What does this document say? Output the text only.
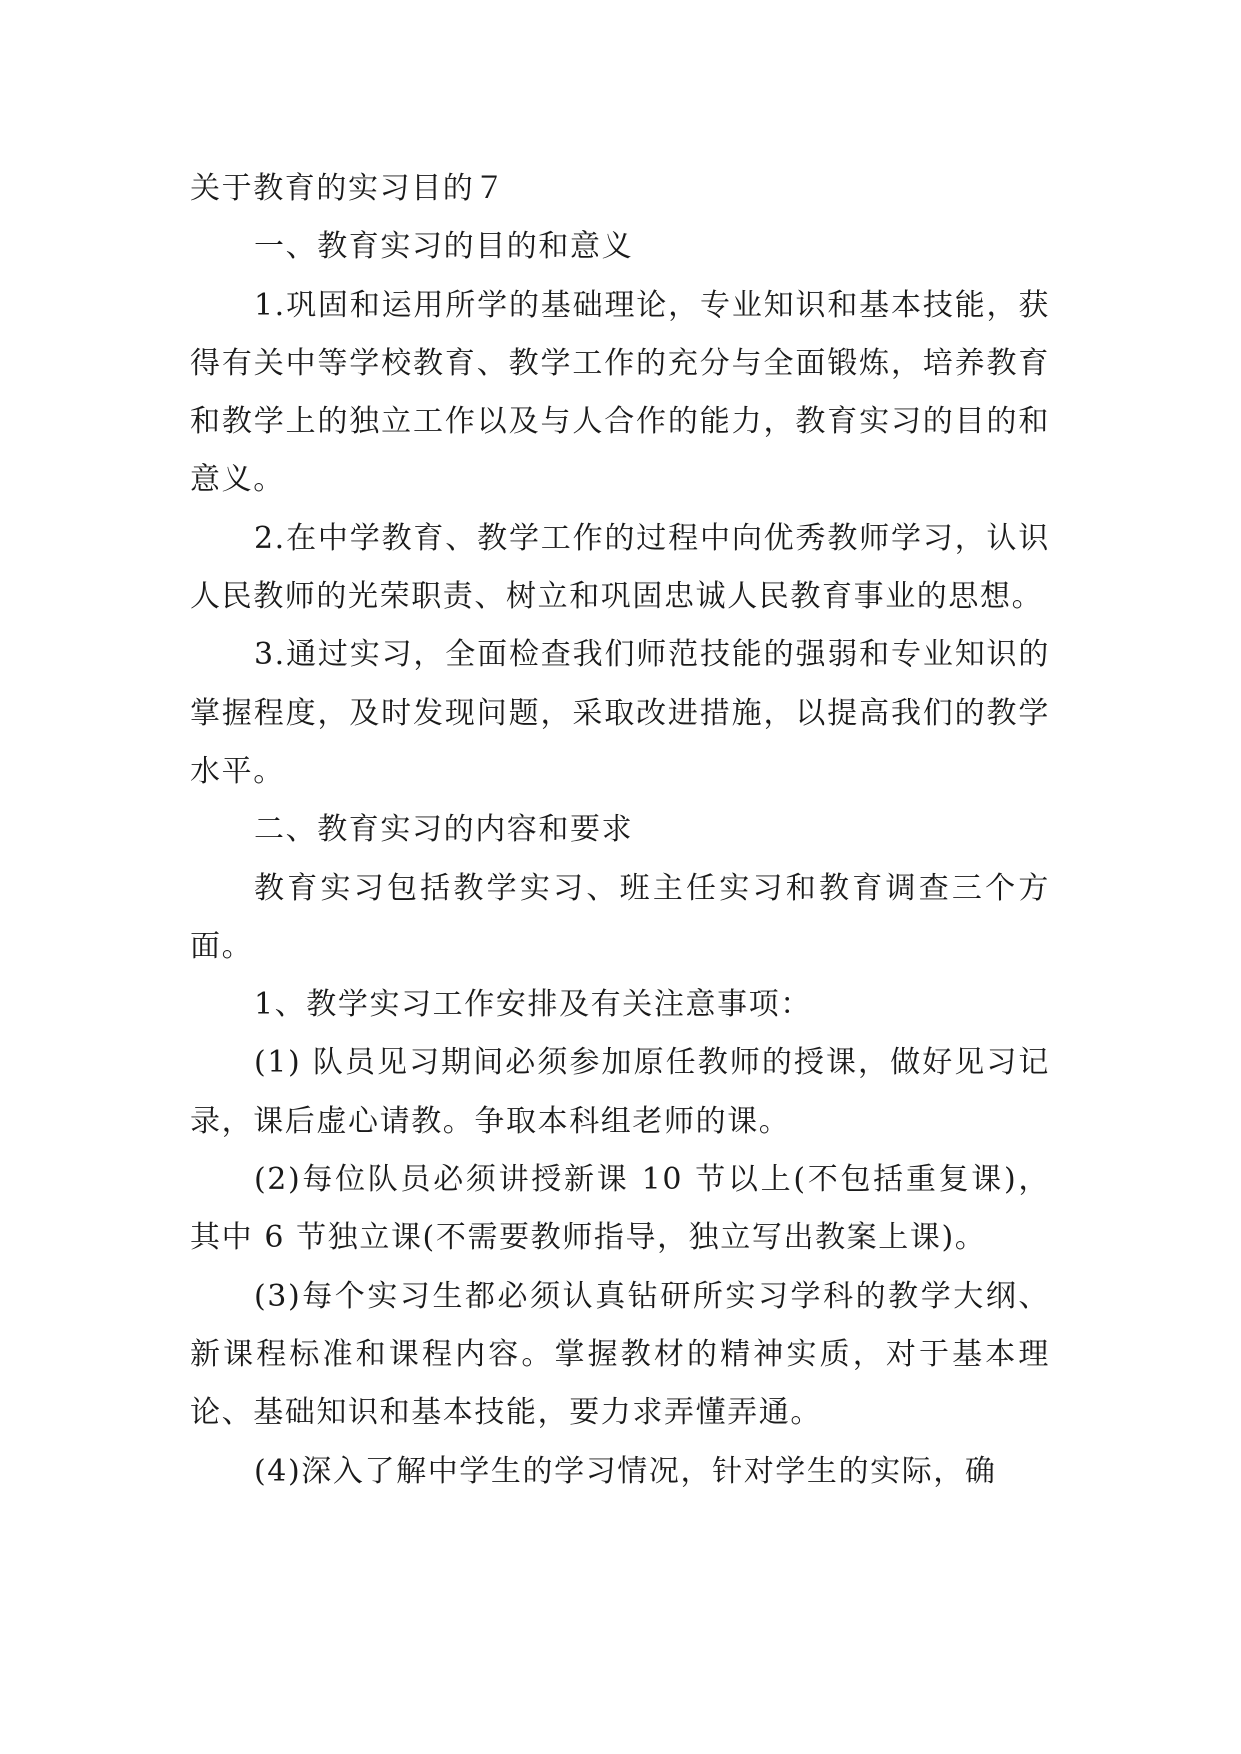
关于教育的实习目的７

一、教育实习的目的和意义

1.巩固和运用所学的基础理论，专业知识和基本技能，获得有关中等学校教育、教学工作的充分与全面锻炼，培养教育和教学上的独立工作以及与人合作的能力，教育实习的目的和意义。

2.在中学教育、教学工作的过程中向优秀教师学习，认识人民教师的光荣职责、树立和巩固忠诚人民教育事业的思想。

3.通过实习，全面检查我们师范技能的强弱和专业知识的掌握程度，及时发现问题，采取改进措施，以提高我们的教学水平。

二、教育实习的内容和要求

教育实习包括教学实习、班主任实习和教育调查三个方面。

1、教学实习工作安排及有关注意事项：

(1) 队员见习期间必须参加原任教师的授课，做好见习记录，课后虚心请教。争取本科组老师的课。

(2)每位队员必须讲授新课 10 节以上(不包括重复课)，其中 6 节独立课(不需要教师指导，独立写出教案上课)。

(3)每个实习生都必须认真钻研所实习学科的教学大纲、新课程标准和课程内容。掌握教材的精神实质，对于基本理论、基础知识和基本技能，要力求弄懂弄通。

(4)深入了解中学生的学习情况，针对学生的实际，确
